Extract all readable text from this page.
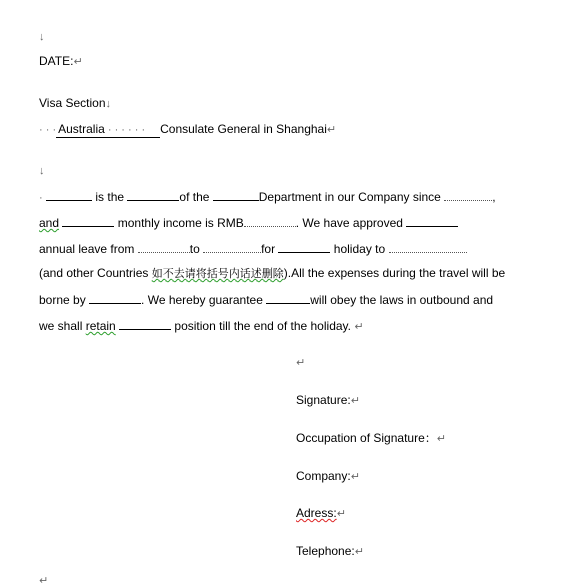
↓
DATE:↵
Visa Section↓
· · · Australia · · · · · · Consulate General in Shanghai↵
↓
·	is the	of the	Department in our Company since	,
and	monthly income is RMB	. We have approved
annual leave from	to	for	holiday to
(and other Countries 如不去请将括号内话述删除).All the expenses during the travel will be
borne by	. We hereby guarantee	will obey the laws in outbound and
we shall retain	position till the end of the holiday. ↵
↵
Signature:↵
Occupation of Signature：↵
Company:↵
Adress:↵
Telephone:↵
↵
